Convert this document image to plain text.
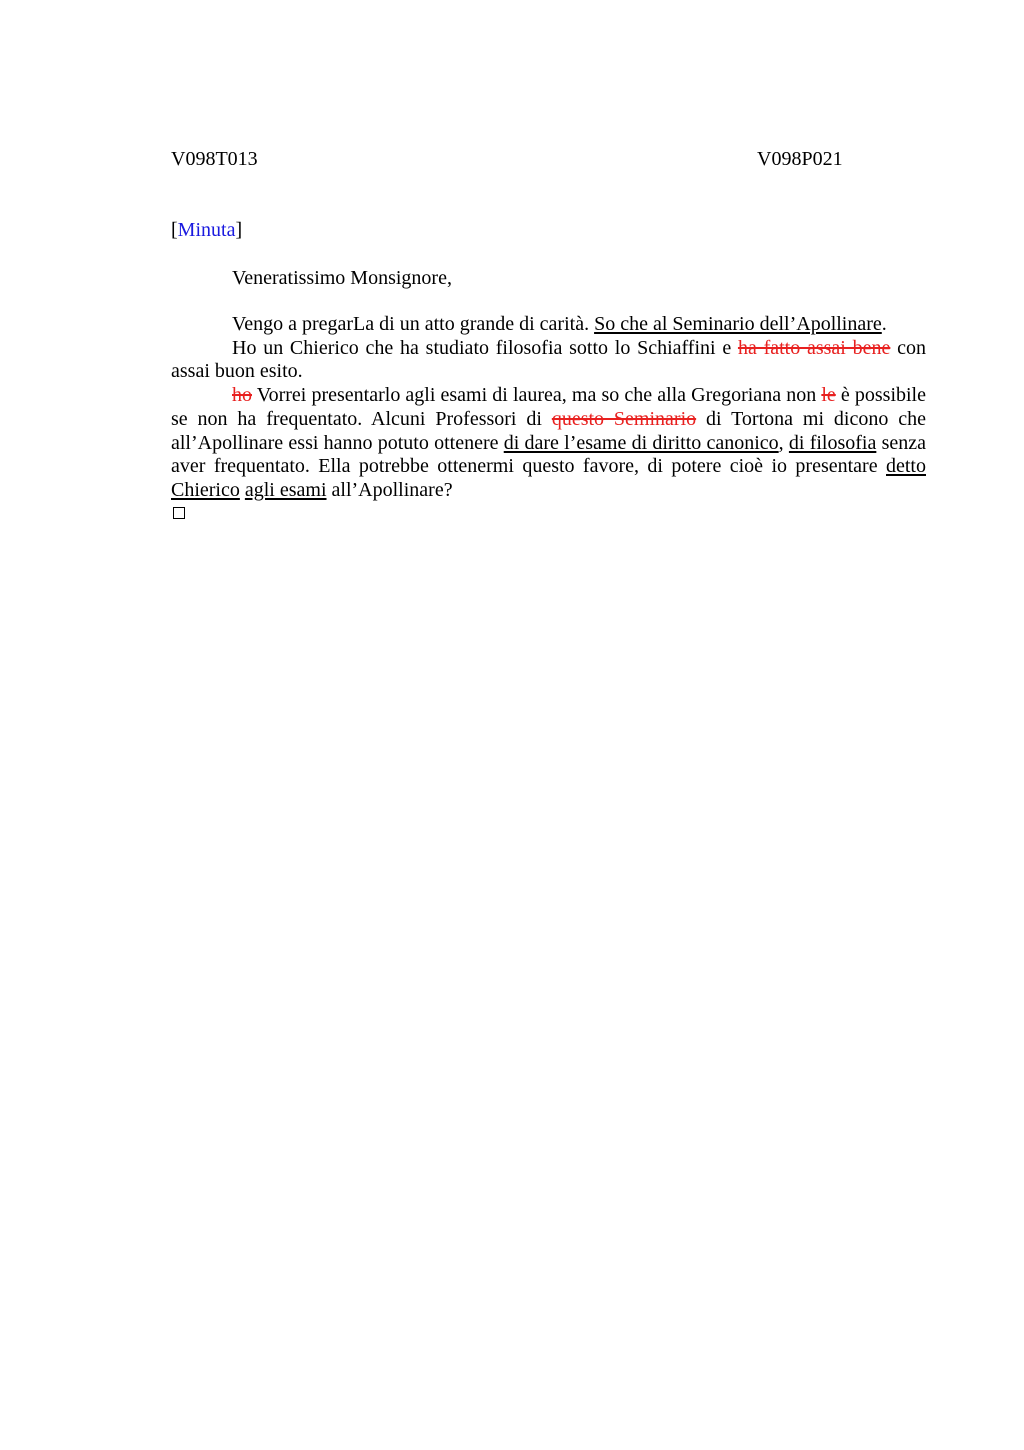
V098T013	V098P021
[Minuta]
Veneratissimo Monsignore,

Vengo a pregarLa di un atto grande di carità. So che al Seminario dell’Apollinare.

Ho un Chierico che ha studiato filosofia sotto lo Schiaffini e ha fatto assai bene con assai buon esito.

ho Vorrei presentarlo agli esami di laurea, ma so che alla Gregoriana non le è possibile se non ha frequentato. Alcuni Professori di questo Seminario di Tortona mi dicono che all’Apollinare essi hanno potuto ottenere di dare l’esame di diritto canonico, di filosofia senza aver frequentato. Ella potrebbe ottenermi questo favore, di potere cioè io presentare detto Chierico agli esami all’Apollinare?
